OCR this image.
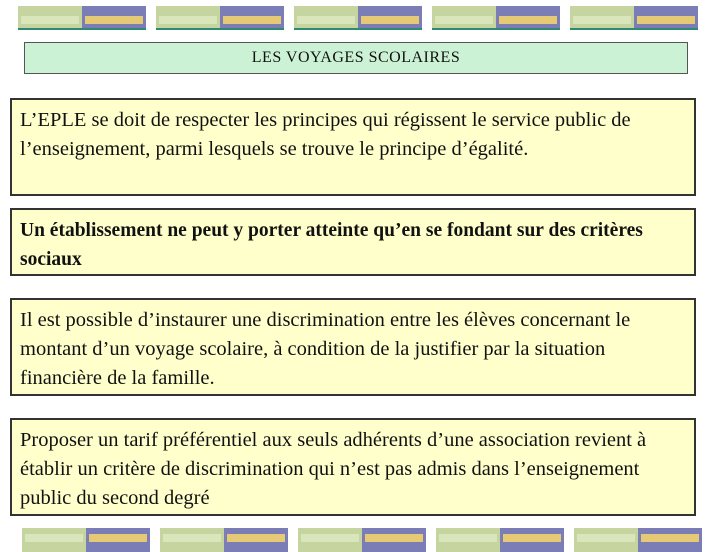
LES VOYAGES SCOLAIRES
L’EPLE se doit de respecter les principes qui régissent le service public de l’enseignement, parmi lesquels se trouve le principe d’égalité.
Un établissement ne peut y porter atteinte qu’en se fondant sur des critères sociaux
Il est possible d’instaurer une discrimination entre les élèves concernant le montant d’un voyage scolaire, à condition de la justifier par la situation financière de la famille.
Proposer un tarif préférentiel aux seuls adhérents d’une association revient à établir un critère de discrimination qui n’est pas admis dans l’enseignement public du second degré
